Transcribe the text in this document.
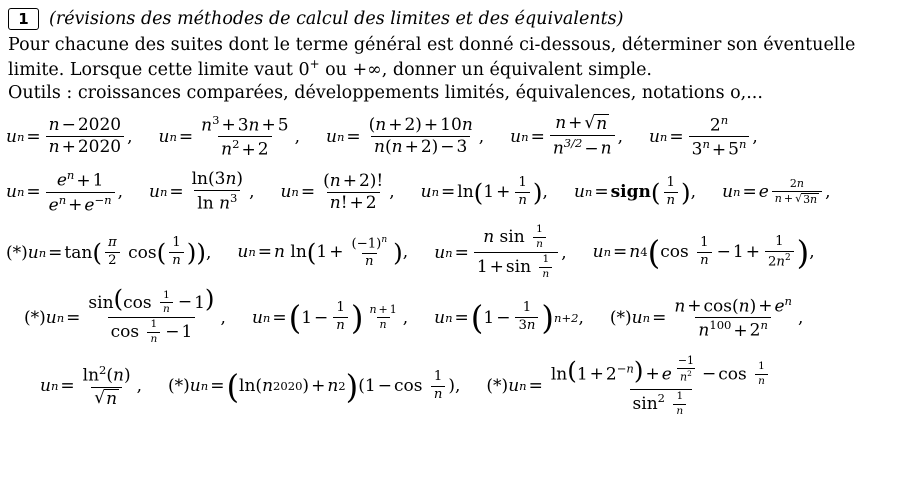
1	(révisions des méthodes de calcul des limites et des équivalents)
Pour chacune des suites dont le terme général est donné ci-dessous, déterminer son éventuelle
limite. Lorsque cette limite vaut 0+ ou +∞, donner un équivalent simple.
Outils : croissances comparées, développements limités, équivalences, notations o,...
u $n = \frac{n - 2020}{n + 2020}$ , u $n = \frac{n^3 + 3n + 5}{n^2 + 2}$ , u $n = \frac{(n + 2) + 10n}{n(n + 2) - 3}$ , u $n = \frac{n + √ n}{n^{3/2} - n}$ , u $n = \frac{2^n}{3^n + 5^n}$ ,
u $n = \frac{e^n + 1}{e^n + e^{-n}}$ , u $n = \frac{\ln(3n)}{\ln n^3}$ , u $n = \frac{(n + 2)!}{n! + 2}$ , u n = ln ( $1 + \frac{1}{n}$ ) , u n = sign ( $\frac{1}{n}$ ) , u n = e $\frac{2n}{n + √ 3n}$ ,
(*) u n = tan ( $\frac{\pi}{2}$ cos ( $\frac{1}{n}$ ) ) , u n = n ln ( $1 + \frac{(-1)^n}{n}$ ) , u $n = \frac{n \sin \frac{1}{n}}{1 + \sin \frac{1}{n}}$ , u n = n 4 ( $\cos \frac{1}{n} - 1 + \frac{1}{2n^2}$ ) ,
(*) u $n = \frac{\sin(\cos \frac{1}{n} - 1)}{\cos \frac{1}{n} - 1}$ , u n = ( $1 - \frac{1}{n}$ ) $\frac{n + 1}{n}$ , u n = ( $1 - \frac{1}{3n}$ ) n+2 , (*) u $n = \frac{n + \cos(n) + e^n}{n^{100} + 2^n}$ ,
u $n = \frac{\ln^2(n)}{√ n}$ , (*) u n = ( ln( n 2020 ) + n 2 ) ($1 - \cos \frac{1}{n}$ ) , (*) u $n = \ln(1 + 2^{-n}) + e$ $^{\frac{-1}{n^2}} - \cos \frac{1}{n}$
$\sin^2 \frac{1}{n}$
